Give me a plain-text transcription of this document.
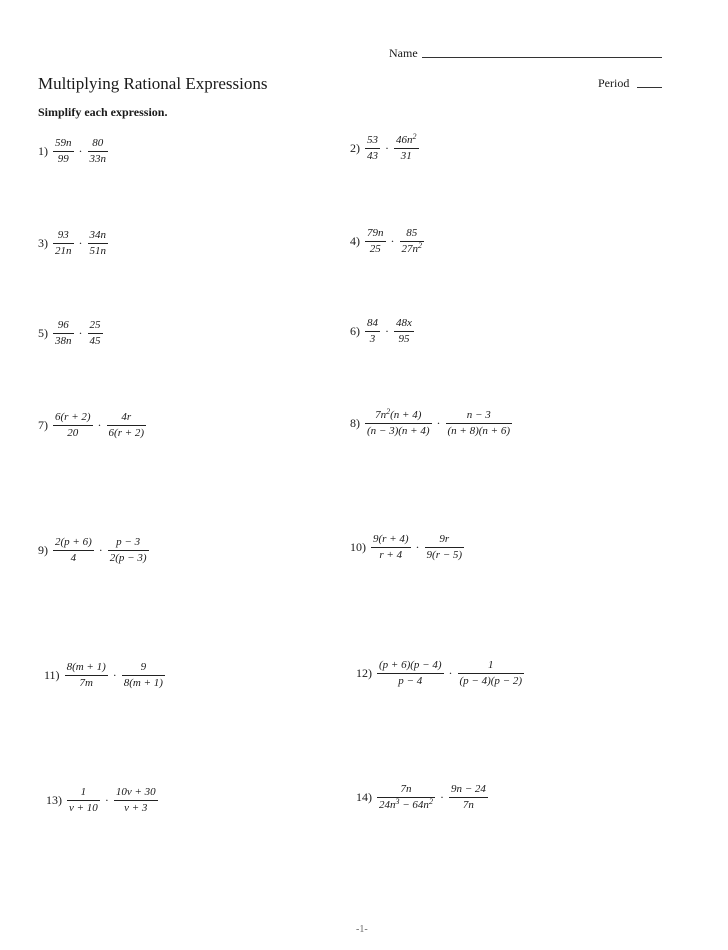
Name
Multiplying Rational Expressions	Period
Simplify each expression.
$1) \frac{59n}{99} \cdot \frac{80}{33n}$	$2) \frac{53}{43} \cdot \frac{46n^2}{31}$
$3) \frac{93}{21n} \cdot \frac{34n}{51n}$	$4) \frac{79n}{25} \cdot \frac{85}{27n^2}$
$5) \frac{96}{38n} \cdot \frac{25}{45}$	$6) \frac{84}{3} \cdot \frac{48x}{95}$
$7) \frac{6(r + 2)}{20} \cdot \frac{4r}{6(r + 2)}$	$8) \frac{7n^2(n + 4)}{(n - 3)(n + 4)} \cdot \frac{n - 3}{(n + 8)(n + 6)}$
$9) \frac{2(p + 6)}{4} \cdot \frac{p - 3}{2(p - 3)}$	$10) \frac{9(r + 4)}{r + 4} \cdot \frac{9r}{9(r - 5)}$
$11) \frac{8(m + 1)}{7m} \cdot \frac{9}{8(m + 1)}$	$12) \frac{(p + 6)(p - 4)}{p - 4} \cdot \frac{1}{(p - 4)(p - 2)}$
$13) \frac{1}{v + 10} \cdot \frac{10v + 30}{v + 3}$	$14) \frac{7n}{24n^3 - 64n^2} \cdot \frac{9n - 24}{7n}$
-1-
